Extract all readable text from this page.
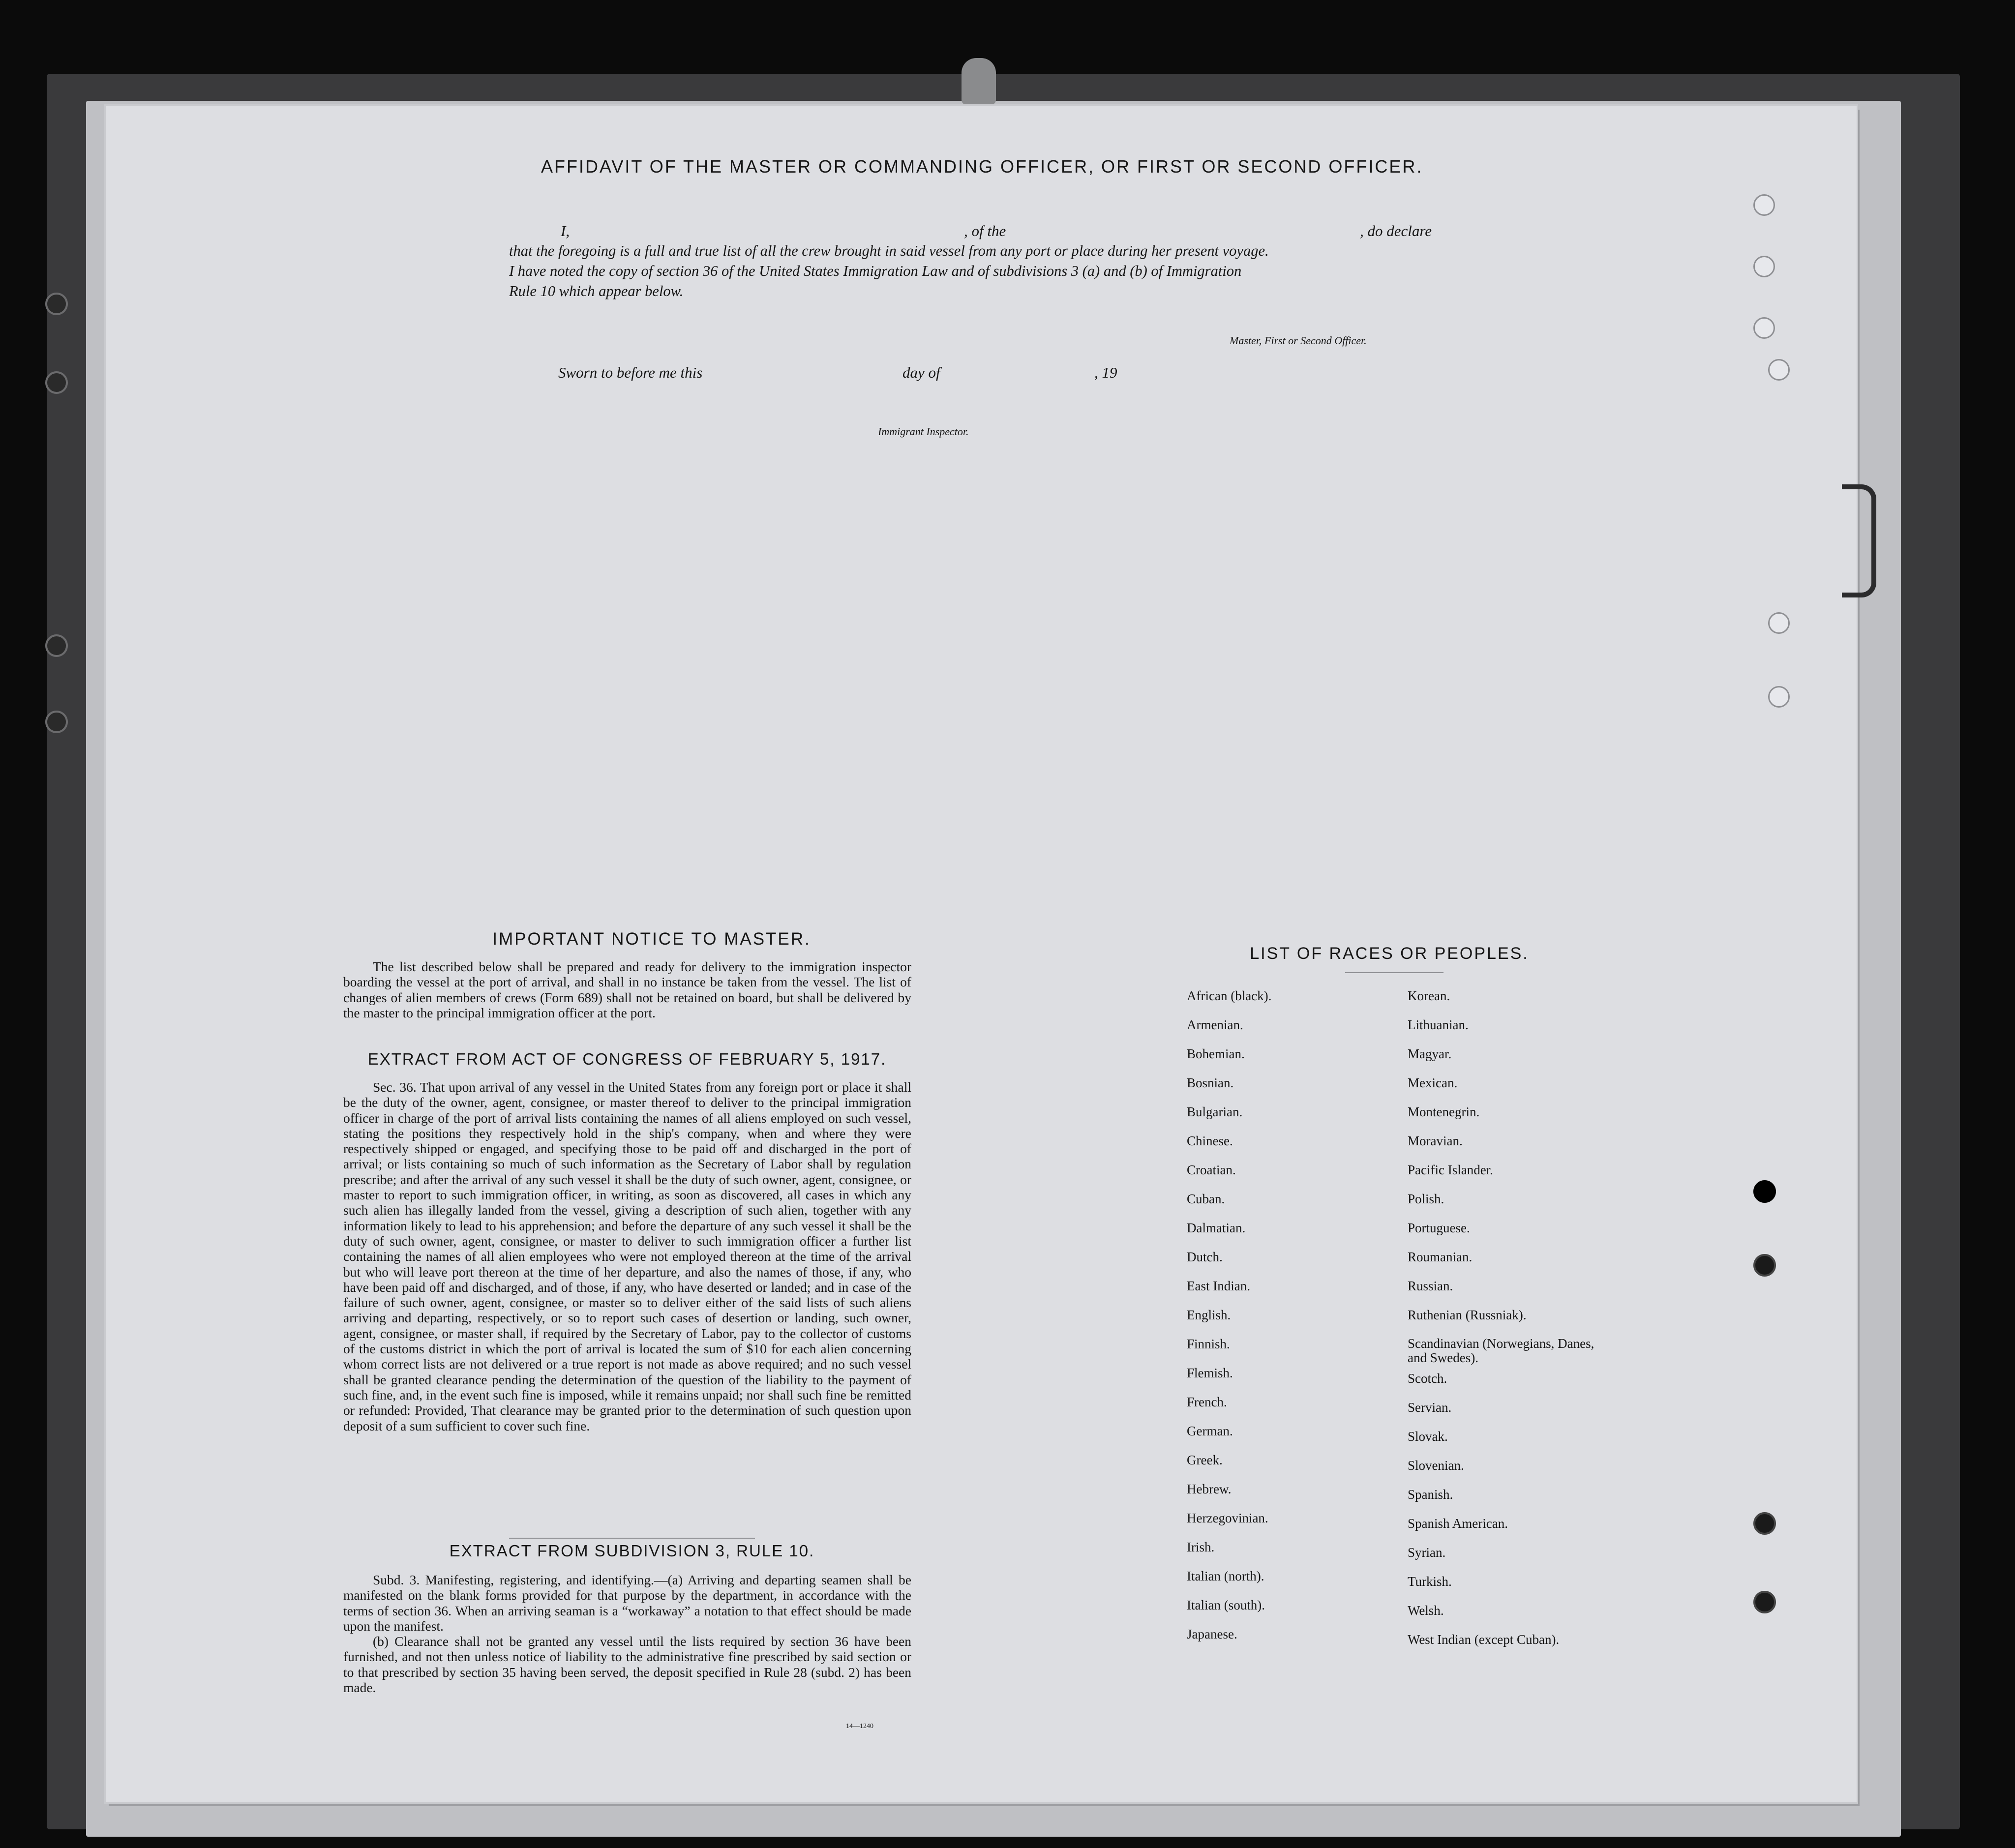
AFFIDAVIT OF THE MASTER OR COMMANDING OFFICER, OR FIRST OR SECOND OFFICER.
I,	, of the	, do declare
that the foregoing is a full and true list of all the crew brought in said vessel from any port or place during her present voyage.
I have noted the copy of section 36 of the United States Immigration Law and of subdivisions 3 (a) and (b) of Immigration
Rule 10 which appear below.
Master, First or Second Officer.
Sworn to before me this	day of	, 19
Immigrant Inspector.
IMPORTANT NOTICE TO MASTER.

The list described below shall be prepared and ready for delivery to the immigration inspector boarding the vessel at the port of arrival, and shall in no instance be taken from the vessel. The list of changes of alien members of crews (Form 689) shall not be retained on board, but shall be delivered by the master to the principal immigration officer at the port.

EXTRACT FROM ACT OF CONGRESS OF FEBRUARY 5, 1917.

Sec. 36. That upon arrival of any vessel in the United States from any foreign port or place it shall be the duty of the owner, agent, consignee, or master thereof to deliver to the principal immigration officer in charge of the port of arrival lists containing the names of all aliens employed on such vessel, stating the positions they respectively hold in the ship's company, when and where they were respectively shipped or engaged, and specifying those to be paid off and discharged in the port of arrival; or lists containing so much of such information as the Secretary of Labor shall by regulation prescribe; and after the arrival of any such vessel it shall be the duty of such owner, agent, consignee, or master to report to such immigration officer, in writing, as soon as discovered, all cases in which any such alien has illegally landed from the vessel, giving a description of such alien, together with any information likely to lead to his apprehension; and before the departure of any such vessel it shall be the duty of such owner, agent, consignee, or master to deliver to such immigration officer a further list containing the names of all alien employees who were not employed thereon at the time of the arrival but who will leave port thereon at the time of her departure, and also the names of those, if any, who have been paid off and discharged, and of those, if any, who have deserted or landed; and in case of the failure of such owner, agent, consignee, or master so to deliver either of the said lists of such aliens arriving and departing, respectively, or so to report such cases of desertion or landing, such owner, agent, consignee, or master shall, if required by the Secretary of Labor, pay to the collector of customs of the customs district in which the port of arrival is located the sum of $10 for each alien concerning whom correct lists are not delivered or a true report is not made as above required; and no such vessel shall be granted clearance pending the determination of the question of the liability to the payment of such fine, and, in the event such fine is imposed, while it remains unpaid; nor shall such fine be remitted or refunded: Provided, That clearance may be granted prior to the determination of such question upon deposit of a sum sufficient to cover such fine.

EXTRACT FROM SUBDIVISION 3, RULE 10.

Subd. 3. Manifesting, registering, and identifying.—(a) Arriving and departing seamen shall be manifested on the blank forms provided for that purpose by the department, in accordance with the terms of section 36. When an arriving seaman is a “workaway” a notation to that effect should be made upon the manifest.

(b) Clearance shall not be granted any vessel until the lists required by section 36 have been furnished, and not then unless notice of liability to the administrative fine prescribed by said section or to that prescribed by section 35 having been served, the deposit specified in Rule 28 (subd. 2) has been made.

14—1240
LIST OF RACES OR PEOPLES.
African (black).
Armenian.
Bohemian.
Bosnian.
Bulgarian.
Chinese.
Croatian.
Cuban.
Dalmatian.
Dutch.
East Indian.
English.
Finnish.
Flemish.
French.
German.
Greek.
Hebrew.
Herzegovinian.
Irish.
Italian (north).
Italian (south).
Japanese.
Korean.
Lithuanian.
Magyar.
Mexican.
Montenegrin.
Moravian.
Pacific Islander.
Polish.
Portuguese.
Roumanian.
Russian.
Ruthenian (Russniak).
Scandinavian (Norwegians, Danes, and Swedes).
Scotch.
Servian.
Slovak.
Slovenian.
Spanish.
Spanish American.
Syrian.
Turkish.
Welsh.
West Indian (except Cuban).
